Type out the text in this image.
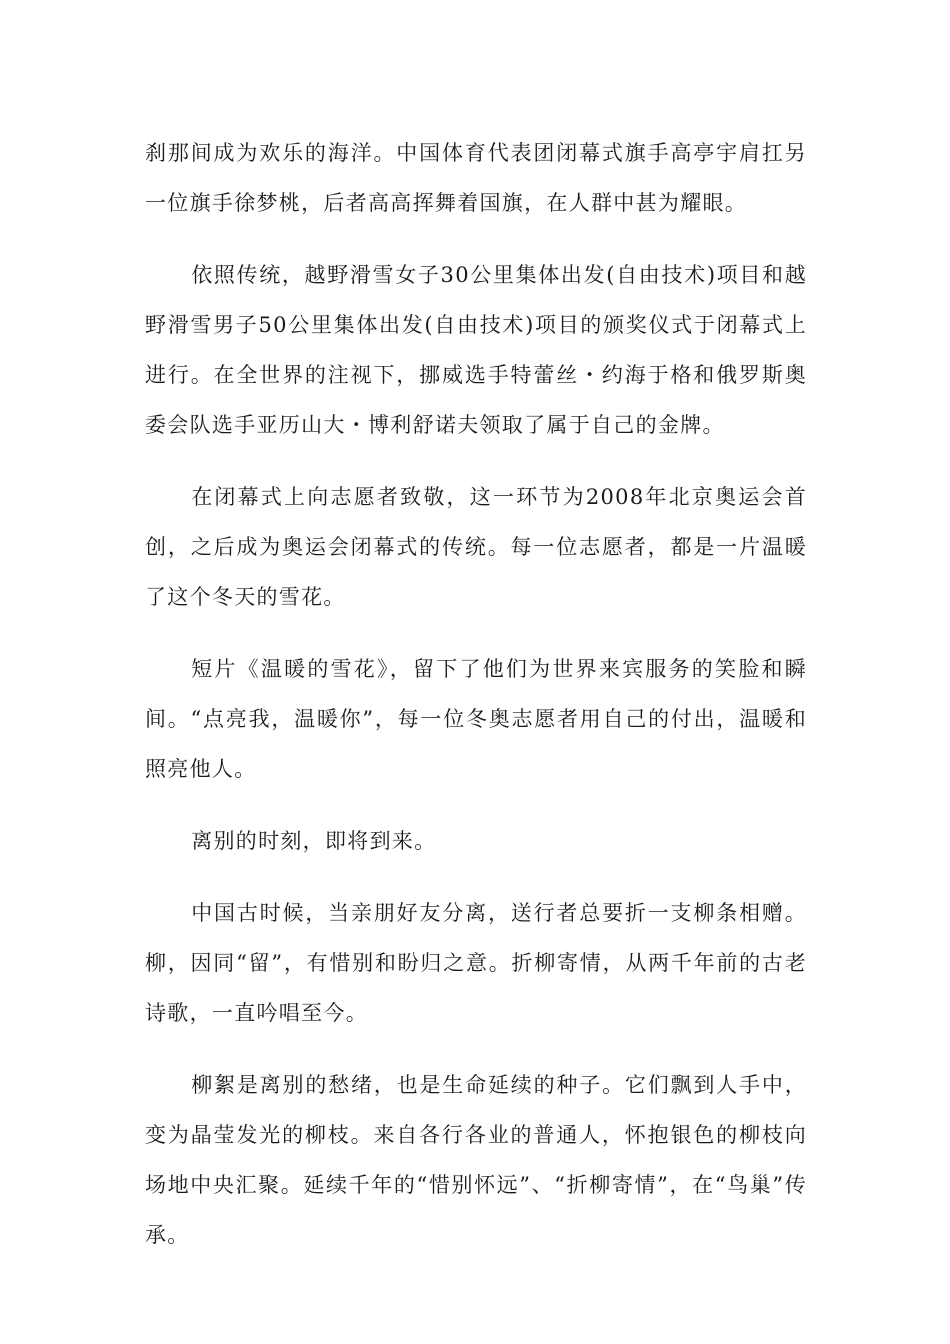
刹那间成为欢乐的海洋。中国体育代表团闭幕式旗手高亭宇肩扛另一位旗手徐梦桃，后者高高挥舞着国旗，在人群中甚为耀眼。

依照传统，越野滑雪女子30公里集体出发(自由技术)项目和越野滑雪男子50公里集体出发(自由技术)项目的颁奖仪式于闭幕式上进行。在全世界的注视下，挪威选手特蕾丝・约海于格和俄罗斯奥委会队选手亚历山大・博利舒诺夫领取了属于自己的金牌。

在闭幕式上向志愿者致敬，这一环节为2008年北京奥运会首创，之后成为奥运会闭幕式的传统。每一位志愿者，都是一片温暖了这个冬天的雪花。

短片《温暖的雪花》，留下了他们为世界来宾服务的笑脸和瞬间。“点亮我，温暖你”，每一位冬奥志愿者用自己的付出，温暖和照亮他人。

离别的时刻，即将到来。

中国古时候，当亲朋好友分离，送行者总要折一支柳条相赠。柳，因同“留”，有惜别和盼归之意。折柳寄情，从两千年前的古老诗歌，一直吟唱至今。

柳絮是离别的愁绪，也是生命延续的种子。它们飘到人手中，变为晶莹发光的柳枝。来自各行各业的普通人，怀抱银色的柳枝向场地中央汇聚。延续千年的“惜别怀远”、“折柳寄情”，在“鸟巢”传承。
